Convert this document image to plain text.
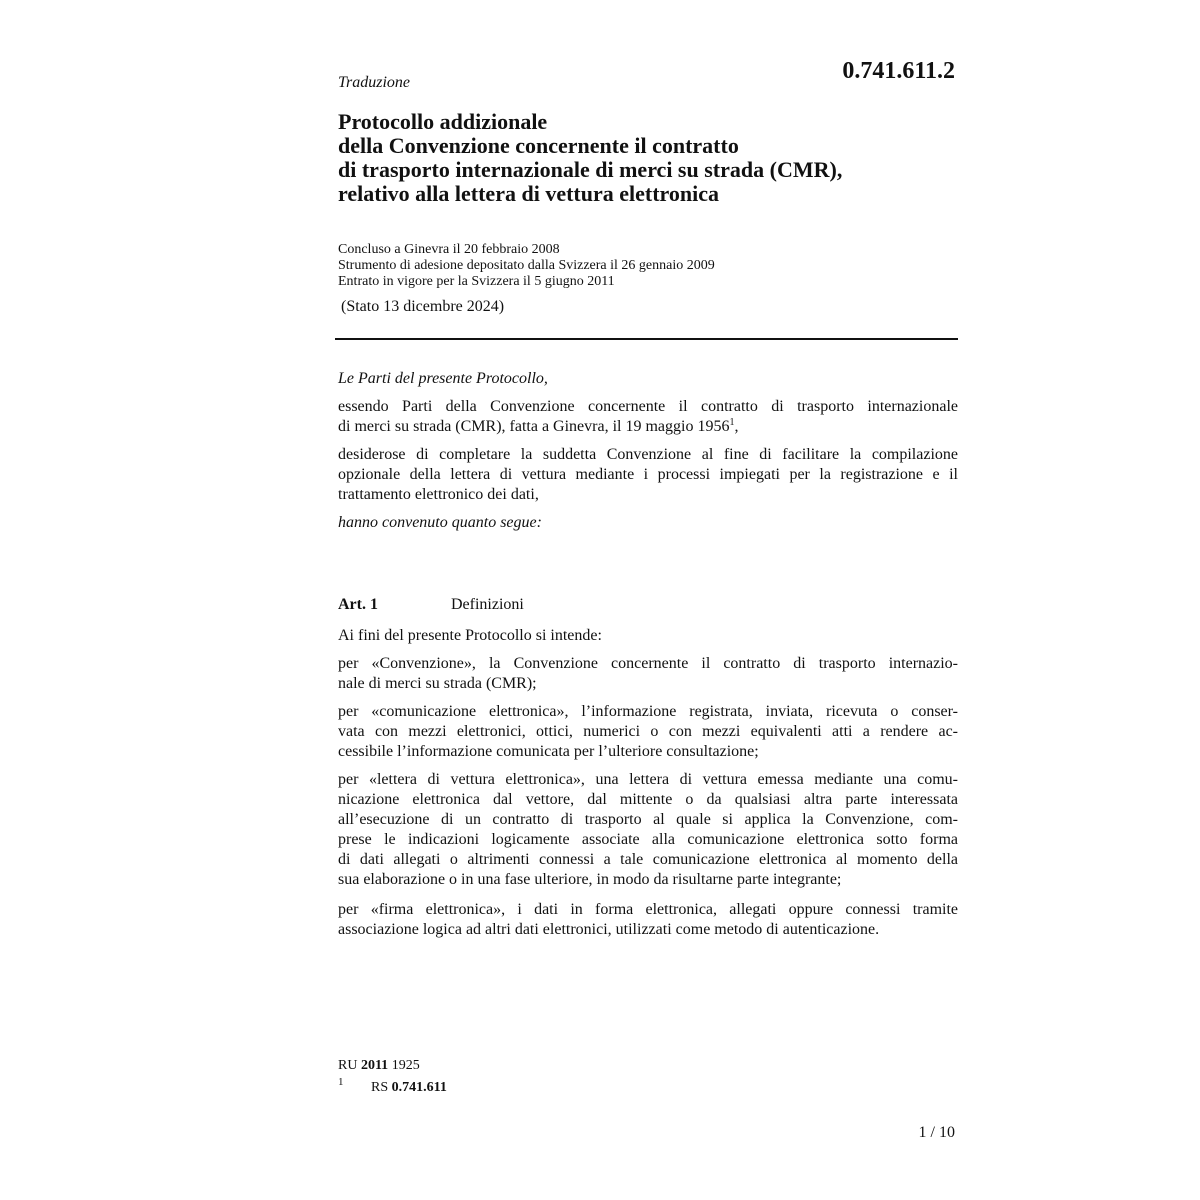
0.741.611.2
Traduzione
Protocollo addizionale
della Convenzione concernente il contratto
di trasporto internazionale di merci su strada (CMR),
relativo alla lettera di vettura elettronica
Concluso a Ginevra il 20 febbraio 2008
Strumento di adesione depositato dalla Svizzera il 26 gennaio 2009
Entrato in vigore per la Svizzera il 5 giugno 2011
(Stato 13 dicembre 2024)
Le Parti del presente Protocollo,
essendo Parti della Convenzione concernente il contratto di trasporto internazionale
di merci su strada (CMR), fatta a Ginevra, il 19 maggio 1956$^1$,
desiderose di completare la suddetta Convenzione al fine di facilitare la compilazione
opzionale della lettera di vettura mediante i processi impiegati per la registrazione e il
trattamento elettronico dei dati,
hanno convenuto quanto segue:
Art. 1	Definizioni
Ai fini del presente Protocollo si intende:
per «Convenzione», la Convenzione concernente il contratto di trasporto internazio-
nale di merci su strada (CMR);
per «comunicazione elettronica», l’informazione registrata, inviata, ricevuta o conser-
vata con mezzi elettronici, ottici, numerici o con mezzi equivalenti atti a rendere ac-
cessibile l’informazione comunicata per l’ulteriore consultazione;
per «lettera di vettura elettronica», una lettera di vettura emessa mediante una comu-
nicazione elettronica dal vettore, dal mittente o da qualsiasi altra parte interessata
all’esecuzione di un contratto di trasporto al quale si applica la Convenzione, com-
prese le indicazioni logicamente associate alla comunicazione elettronica sotto forma
di dati allegati o altrimenti connessi a tale comunicazione elettronica al momento della
sua elaborazione o in una fase ulteriore, in modo da risultarne parte integrante;
per «firma elettronica», i dati in forma elettronica, allegati oppure connessi tramite
associazione logica ad altri dati elettronici, utilizzati come metodo di autenticazione.
RU 2011 1925
1 RS 0.741.611
1 / 10
